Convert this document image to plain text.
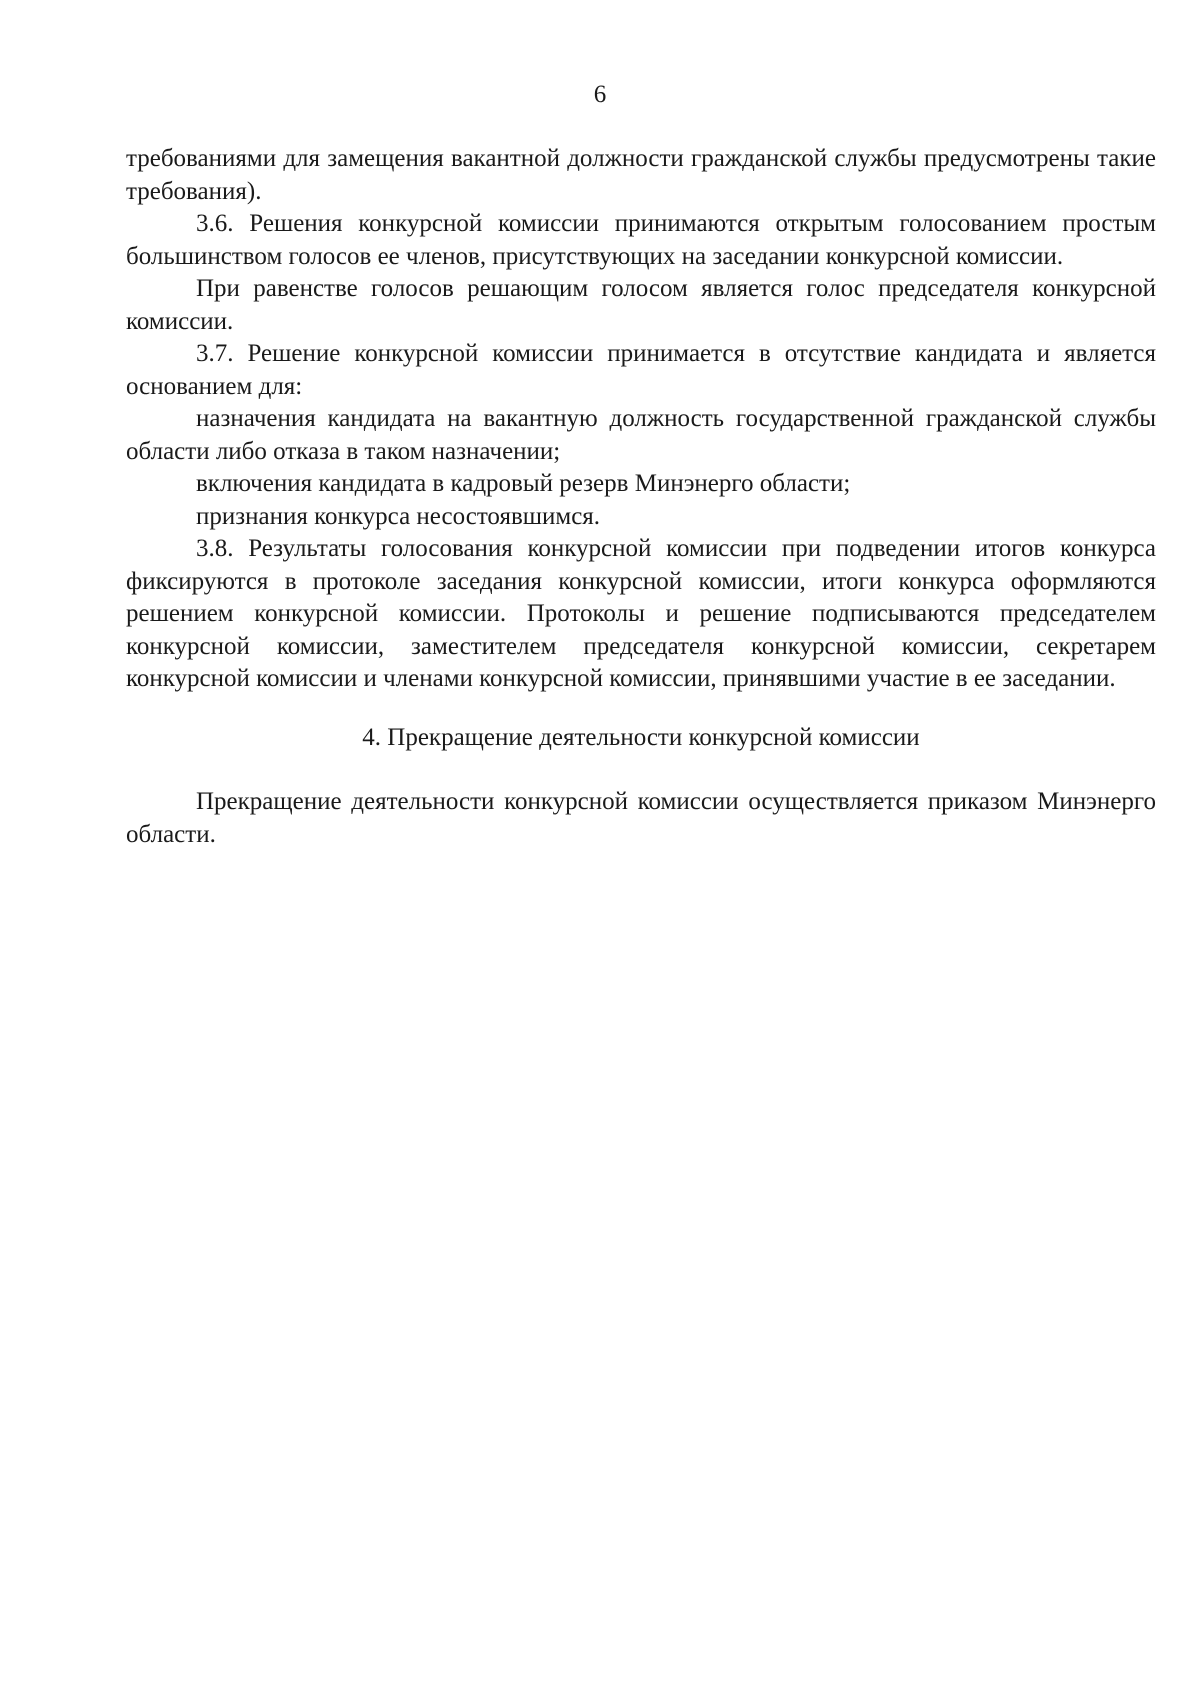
6

требованиями для замещения вакантной должности гражданской службы предусмотрены такие требования).

3.6. Решения конкурсной комиссии принимаются открытым голосованием простым большинством голосов ее членов, присутствующих на заседании конкурсной комиссии.

При равенстве голосов решающим голосом является голос председателя конкурсной комиссии.

3.7. Решение конкурсной комиссии принимается в отсутствие кандидата и является основанием для:

назначения кандидата на вакантную должность государственной гражданской службы области либо отказа в таком назначении;

включения кандидата в кадровый резерв Минэнерго области;

признания конкурса несостоявшимся.

3.8. Результаты голосования конкурсной комиссии при подведении итогов конкурса фиксируются в протоколе заседания конкурсной комиссии, итоги конкурса оформляются решением конкурсной комиссии. Протоколы и решение подписываются председателем конкурсной комиссии, заместителем председателя конкурсной комиссии, секретарем конкурсной комиссии и членами конкурсной комиссии, принявшими участие в ее заседании.

4. Прекращение деятельности конкурсной комиссии

Прекращение деятельности конкурсной комиссии осуществляется приказом Минэнерго области.
